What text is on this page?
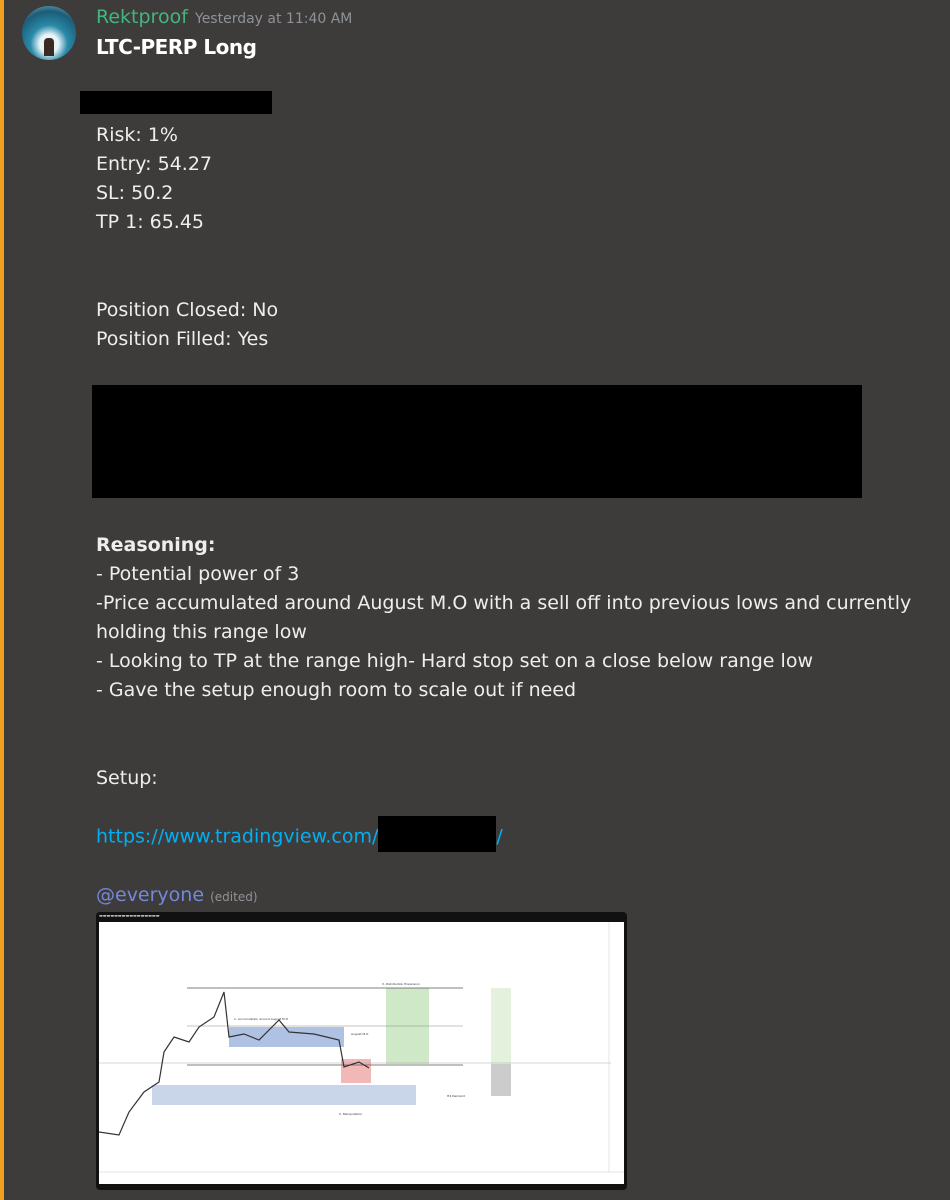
Rektproof Yesterday at 11:40 AM
LTC-PERP Long
Risk: 1%
Entry: 54.27
SL: 50.2
TP 1: 65.45
Position Closed: No
Position Filled: Yes
Reasoning:
- Potential power of 3
-Price accumulated around August M.O with a sell off into previous lows and currently
holding this range low
- Looking to TP at the range high- Hard stop set on a close below range low
- Gave the setup enough room to scale out if need
Setup:
https://www.tradingview.com/	/
@everyone (edited)
▬▬▬▬▬▬▬▬▬▬▬▬▬▬▬▬
1. Accumulation around August M.O
2. Manipulation
3. Distribution Expansion
August M.O
H4 Demand
